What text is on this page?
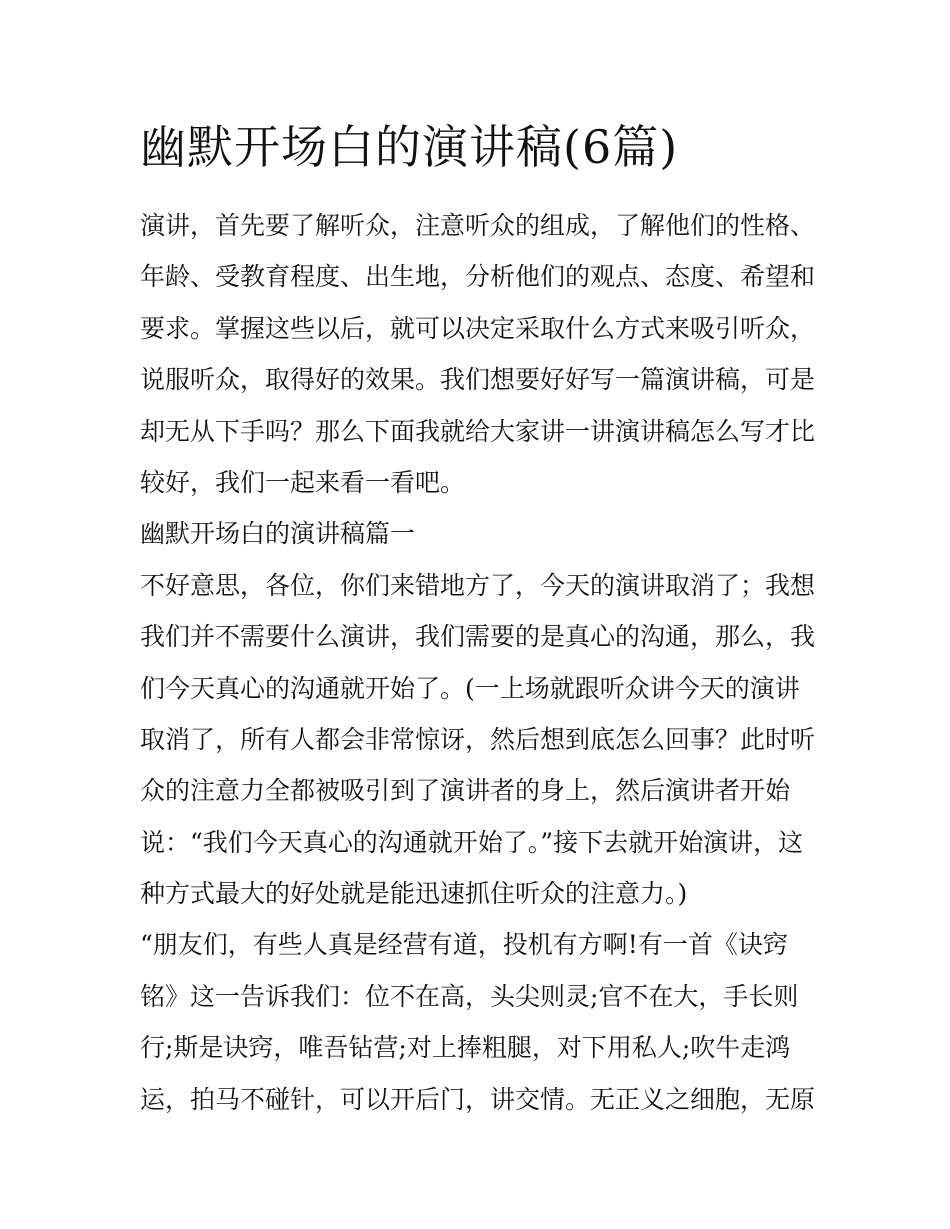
幽默开场白的演讲稿(6篇)

演讲，首先要了解听众，注意听众的组成，了解他们的性格、
年龄、受教育程度、出生地，分析他们的观点、态度、希望和
要求。掌握这些以后，就可以决定采取什么方式来吸引听众，
说服听众，取得好的效果。我们想要好好写一篇演讲稿，可是
却无从下手吗？那么下面我就给大家讲一讲演讲稿怎么写才比
较好，我们一起来看一看吧。

幽默开场白的演讲稿篇一

不好意思，各位，你们来错地方了，今天的演讲取消了；我想
我们并不需要什么演讲，我们需要的是真心的沟通，那么，我
们今天真心的沟通就开始了。(一上场就跟听众讲今天的演讲
取消了，所有人都会非常惊讶，然后想到底怎么回事？此时听
众的注意力全都被吸引到了演讲者的身上，然后演讲者开始
说：“我们今天真心的沟通就开始了。”接下去就开始演讲，这
种方式最大的好处就是能迅速抓住听众的注意力。)

“朋友们，有些人真是经营有道，投机有方啊!有一首《诀窍
铭》这一告诉我们：位不在高，头尖则灵;官不在大，手长则
行;斯是诀窍，唯吾钻营;对上捧粗腿，对下用私人;吹牛走鸿
运，拍马不碰针，可以开后门，讲交情。无正义之细胞，无原
